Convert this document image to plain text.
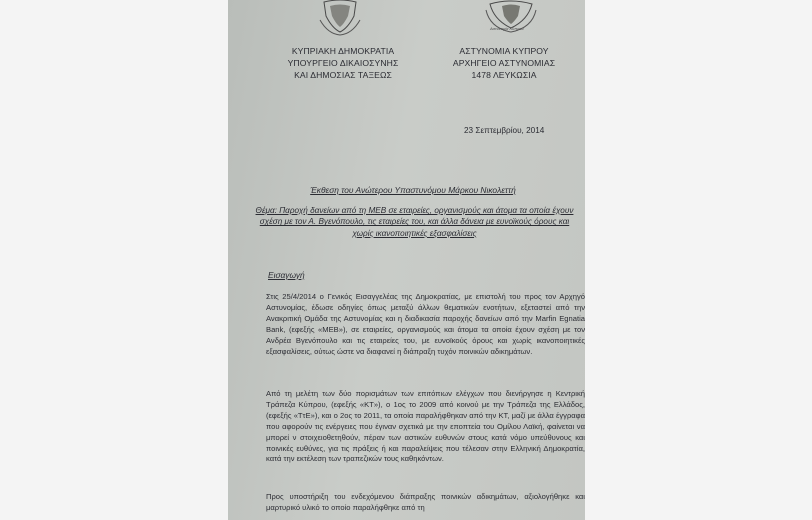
Αστυνομία Κύπρου
ΚΥΠΡΙΑΚΗ ΔΗΜΟΚΡΑΤΙΑ
ΥΠΟΥΡΓΕΙΟ ΔΙΚΑΙΟΣΥΝΗΣ
ΚΑΙ ΔΗΜΟΣΙΑΣ ΤΑΞΕΩΣ
ΑΣΤΥΝΟΜΙΑ ΚΥΠΡΟΥ
ΑΡΧΗΓΕΙΟ ΑΣΤΥΝΟΜΙΑΣ
1478 ΛΕΥΚΩΣΙΑ
23 Σεπτεμβρίου, 2014
Έκθεση του Ανώτερου Υπαστυνόμου Μάρκου Νικολεττή
Θέμα: Παροχή δανείων από τη ΜΕΒ σε εταιρείες, οργανισμούς και άτομα τα οποία έχουν σχέση με τον Α. Βγενόπουλο, τις εταιρείες του, και άλλα δάνεια με ευνοϊκούς όρους και χωρίς ικανοποιητικές εξασφαλίσεις
Εισαγωγή
Στις 25/4/2014 ο Γενικός Εισαγγελέας της Δημοκρατίας, με επιστολή του προς τον Αρχηγό Αστυνομίας, έδωσε οδηγίες όπως μεταξύ άλλων θεματικών ενοτήτων, εξεταστεί από την Ανακριτική Ομάδα της Αστυνομίας και η διαδικασία παροχής δανείων από την Marfin Egnatia Bank, (εφεξής «ΜΕΒ»), σε εταιρείες, οργανισμούς και άτομα τα οποία έχουν σχέση με τον Ανδρέα Βγενόπουλο και τις εταιρείες του, με ευνοϊκούς όρους και χωρίς ικανοποιητικές εξασφαλίσεις, ούτως ώστε να διαφανεί η διάπραξη τυχόν ποινικών αδικημάτων.
Από τη μελέτη των δύο πορισμάτων των επιτόπιων ελέγχων που διενήργησε η Κεντρική Τράπεζα Κύπρου, (εφεξής «ΚΤ»), ο 1ος το 2009 από κοινού με την Τράπεζα της Ελλάδος, (εφεξής «ΤτΕ»), και ο 2ος το 2011, τα οποία παραλήφθηκαν από την ΚΤ, μαζί με άλλα έγγραφα που αφορούν τις ενέργειες που έγιναν σχετικά με την εποπτεία του Ομίλου Λαϊκή, φαίνεται να μπορεί ν στοιχειοθετηθούν, πέραν των αστικών ευθυνών στους κατά νόμο υπεύθυνους και ποινικές ευθύνες, για τις πράξεις ή και παραλείψεις που τέλεσαν στην Ελληνική Δημοκρατία, κατά την εκτέλεση των τραπεζικών τους καθηκόντων.
Προς υποστήριξη του ενδεχόμενου διάπραξης ποινικών αδικημάτων, αξιολογήθηκε και μαρτυρικό υλικό το οποίο παραλήφθηκε από τη
